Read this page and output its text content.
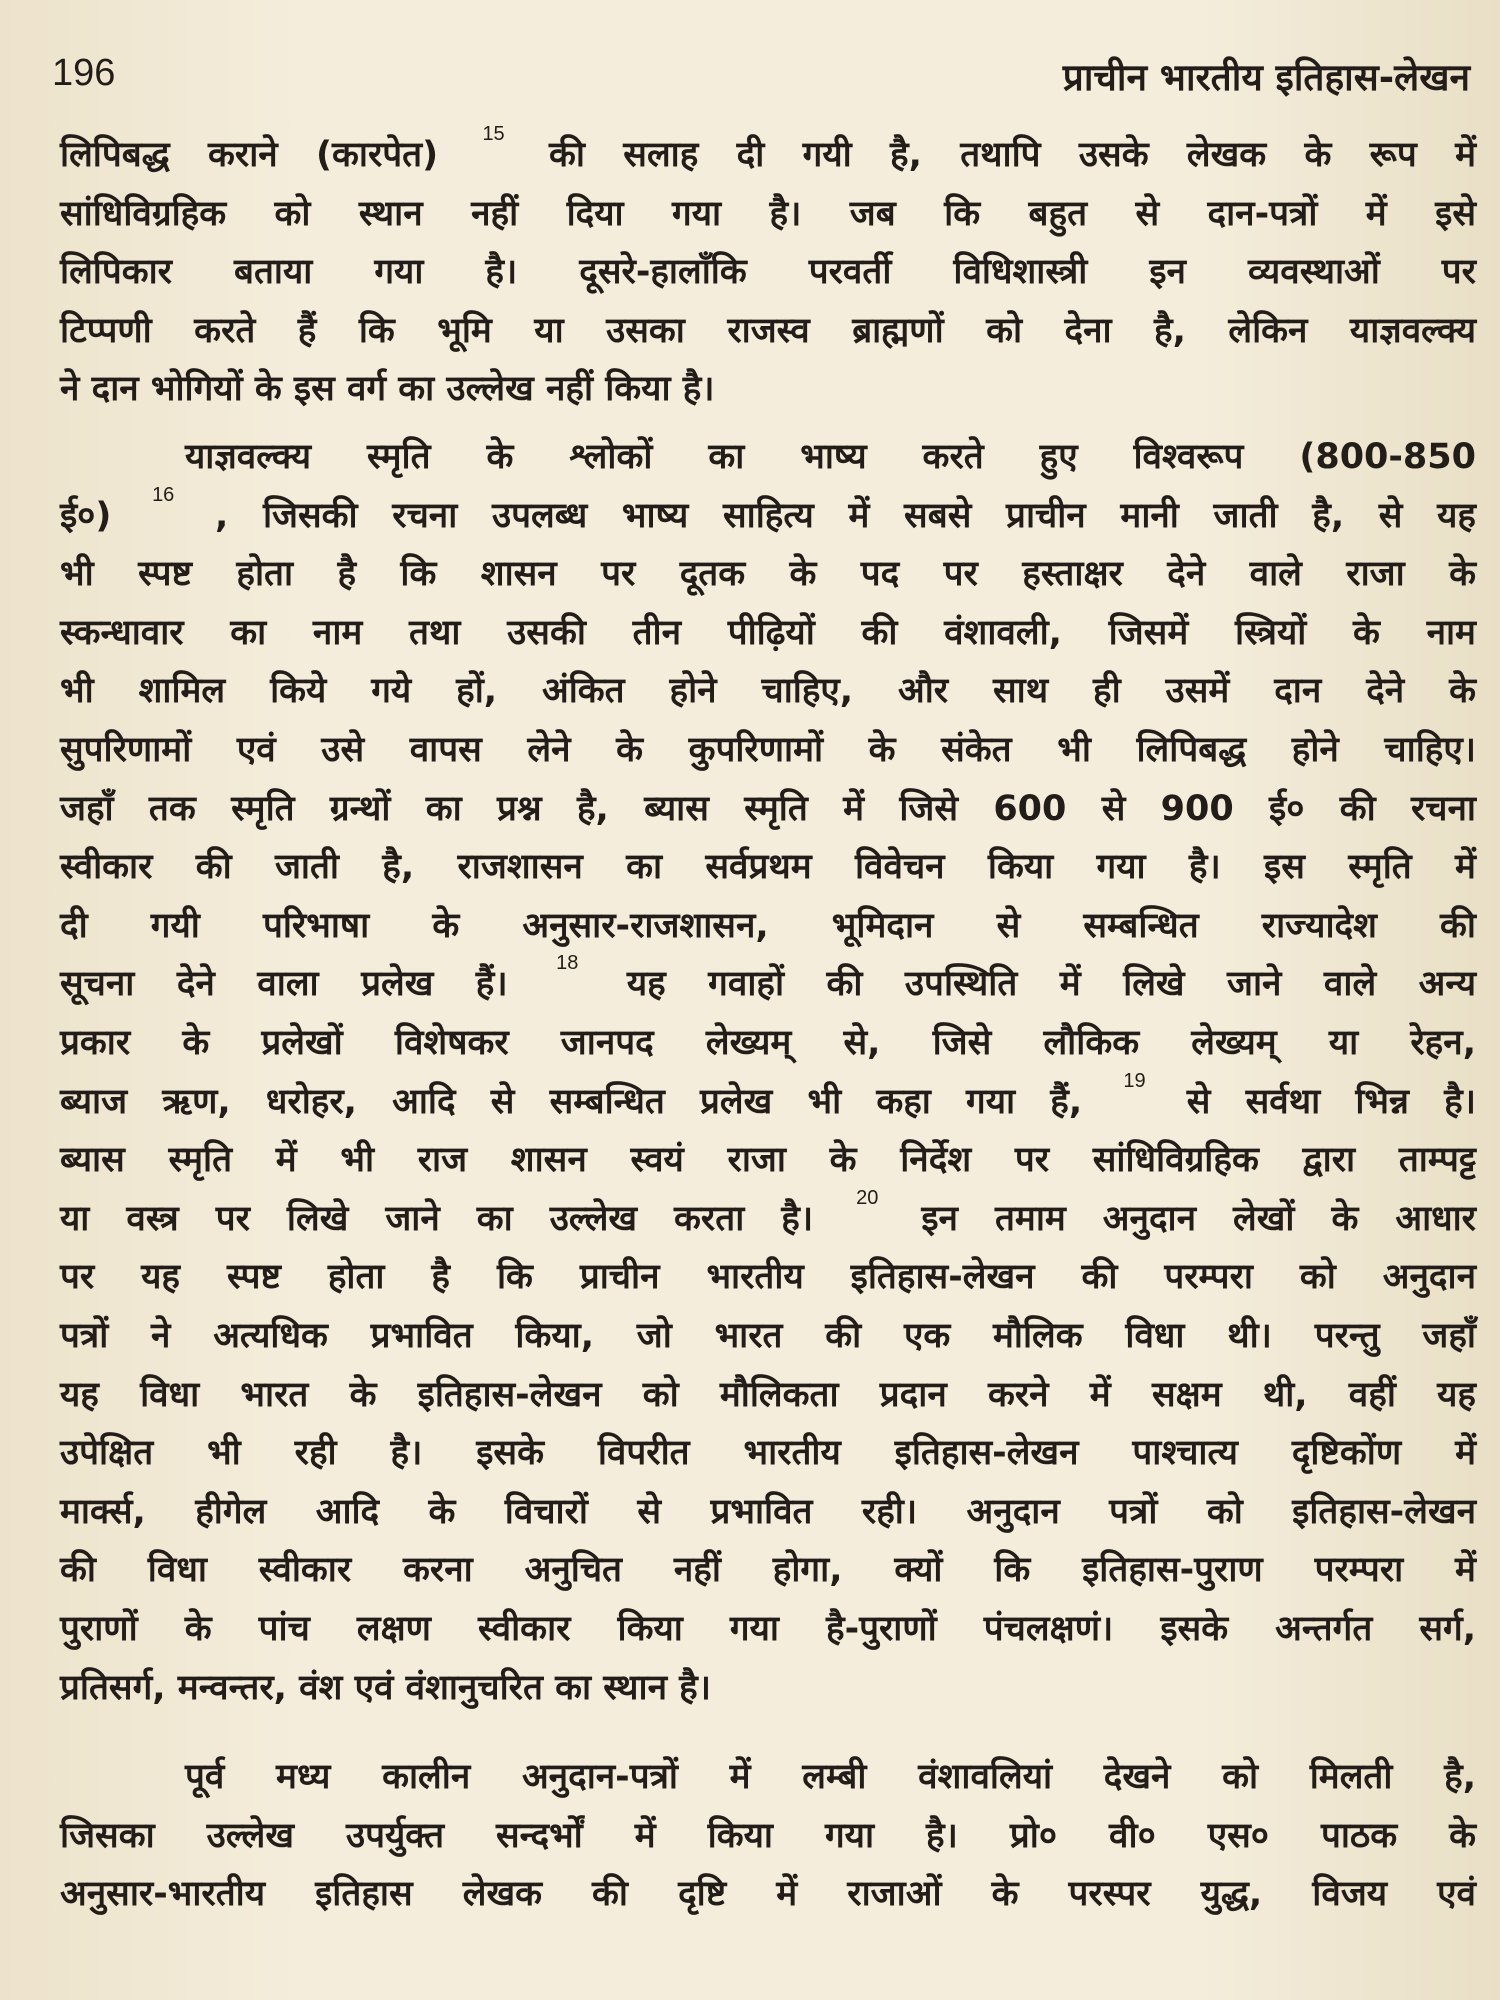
196	प्राचीन भारतीय इतिहास-लेखन
लिपिबद्ध कराने (कारपेत) $^{15}$ की सलाह दी गयी है, तथापि उसके लेखक के रूप में
सांधिविग्रहिक को स्थान नहीं दिया गया है। जब कि बहुत से दान-पत्रों में इसे
लिपिकार बताया गया है। दूसरे-हालाँकि परवर्ती विधिशास्त्री इन व्यवस्थाओं पर
टिप्पणी करते हैं कि भूमि या उसका राजस्व ब्राह्मणों को देना है, लेकिन याज्ञवल्क्य
ने दान भोगियों के इस वर्ग का उल्लेख नहीं किया है।
याज्ञवल्क्य स्मृति के श्लोकों का भाष्य करते हुए विश्वरूप (800-850
ई०) $^{16}$ , जिसकी रचना उपलब्ध भाष्य साहित्य में सबसे प्राचीन मानी जाती है, से यह
भी स्पष्ट होता है कि शासन पर दूतक के पद पर हस्ताक्षर देने वाले राजा के
स्कन्धावार का नाम तथा उसकी तीन पीढ़ियों की वंशावली, जिसमें स्त्रियों के नाम
भी शामिल किये गये हों, अंकित होने चाहिए, और साथ ही उसमें दान देने के
सुपरिणामों एवं उसे वापस लेने के कुपरिणामों के संकेत भी लिपिबद्ध होने चाहिए।
जहाँ तक स्मृति ग्रन्थों का प्रश्न है, ब्यास स्मृति में जिसे 600 से 900 ई० की रचना
स्वीकार की जाती है, राजशासन का सर्वप्रथम विवेचन किया गया है। इस स्मृति में
दी गयी परिभाषा के अनुसार-राजशासन, भूमिदान से सम्बन्धित राज्यादेश की
सूचना देने वाला प्रलेख हैं। $^{18}$ यह गवाहों की उपस्थिति में लिखे जाने वाले अन्य
प्रकार के प्रलेखों विशेषकर जानपद लेख्यम् से, जिसे लौकिक लेख्यम् या रेहन,
ब्याज ऋण, धरोहर, आदि से सम्बन्धित प्रलेख भी कहा गया हैं, $^{19}$ से सर्वथा भिन्न है।
ब्यास स्मृति में भी राज शासन स्वयं राजा के निर्देश पर सांधिविग्रहिक द्वारा ताम्पट्ट
या वस्त्र पर लिखे जाने का उल्लेख करता है। $^{20}$ इन तमाम अनुदान लेखों के आधार
पर यह स्पष्ट होता है कि प्राचीन भारतीय इतिहास-लेखन की परम्परा को अनुदान
पत्रों ने अत्यधिक प्रभावित किया, जो भारत की एक मौलिक विधा थी। परन्तु जहाँ
यह विधा भारत के इतिहास-लेखन को मौलिकता प्रदान करने में सक्षम थी, वहीं यह
उपेक्षित भी रही है। इसके विपरीत भारतीय इतिहास-लेखन पाश्चात्य दृष्टिकोंण में
मार्क्स, हीगेल आदि के विचारों से प्रभावित रही। अनुदान पत्रों को इतिहास-लेखन
की विधा स्वीकार करना अनुचित नहीं होगा, क्यों कि इतिहास-पुराण परम्परा में
पुराणों के पांच लक्षण स्वीकार किया गया है-पुराणों पंचलक्षणं। इसके अन्तर्गत सर्ग,
प्रतिसर्ग, मन्वन्तर, वंश एवं वंशानुचरित का स्थान है।
पूर्व मध्य कालीन अनुदान-पत्रों में लम्बी वंशावलियां देखने को मिलती है,
जिसका उल्लेख उपर्युक्त सन्दर्भों में किया गया है। प्रो० वी० एस० पाठक के
अनुसार-भारतीय इतिहास लेखक की दृष्टि में राजाओं के परस्पर युद्ध, विजय एवं
